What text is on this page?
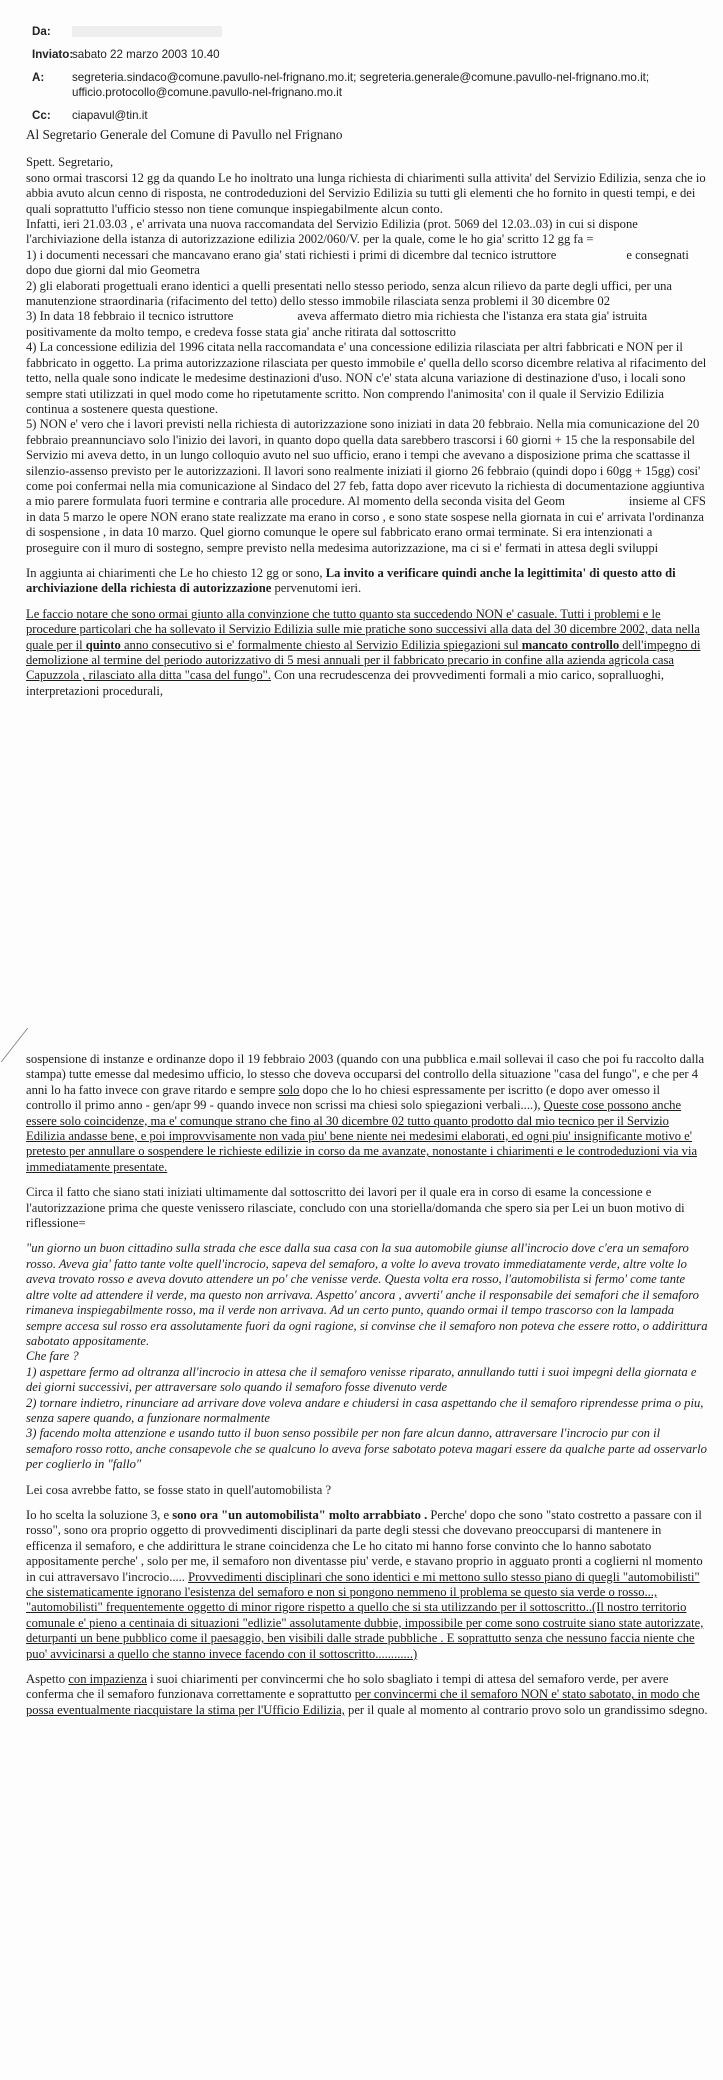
Da:
Inviato:
sabato 22 marzo 2003 10.40
A: segreteria.sindaco@comune.pavullo-nel-frignano.mo.it; segreteria.generale@comune.pavullo-nel-frignano.mo.it; ufficio.protocollo@comune.pavullo-nel-frignano.mo.it
Cc: ciapavul@tin.it

Al Segretario Generale del Comune di Pavullo nel Frignano

Spett. Segretario,

sono ormai trascorsi 12 gg da quando Le ho inoltrato una lunga richiesta di chiarimenti sulla attivita' del Servizio Edilizia, senza che io abbia avuto alcun cenno di risposta, ne controdeduzioni del Servizio Edilizia su tutti gli elementi che ho fornito in questi tempi, e dei quali soprattutto l'ufficio stesso non tiene comunque inspiegabilmente alcun conto.

Infatti, ieri 21.03.03 , e' arrivata una nuova raccomandata del Servizio Edilizia (prot. 5069 del 12.03..03) in cui si dispone l'archiviazione della istanza di autorizzazione edilizia 2002/060/V. per la quale, come le ho gia' scritto 12 gg fa =

1) i documenti necessari che mancavano erano gia' stati richiesti i primi di dicembre dal tecnico istruttore	e consegnati dopo due giorni dal mio Geometra

2) gli elaborati progettuali erano identici a quelli presentati nello stesso periodo, senza alcun rilievo da parte degli uffici, per una manutenzione straordinaria (rifacimento del tetto) dello stesso immobile rilasciata senza problemi il 30 dicembre 02

3) In data 18 febbraio il tecnico istruttore	aveva affermato dietro mia richiesta che l'istanza era stata gia' istruita positivamente da molto tempo, e credeva fosse stata gia' anche ritirata dal sottoscritto

4) La concessione edilizia del 1996 citata nella raccomandata e' una concessione edilizia rilasciata per altri fabbricati e NON per il fabbricato in oggetto. La prima autorizzazione rilasciata per questo immobile e' quella dello scorso dicembre relativa al rifacimento del tetto, nella quale sono indicate le medesime destinazioni d'uso. NON c'e' stata alcuna variazione di destinazione d'uso, i locali sono sempre stati utilizzati in quel modo come ho ripetutamente scritto. Non comprendo l'animosita' con il quale il Servizio Edilizia continua a sostenere questa questione.

5) NON e' vero che i lavori previsti nella richiesta di autorizzazione sono iniziati in data 20 febbraio. Nella mia comunicazione del 20 febbraio preannunciavo solo l'inizio dei lavori, in quanto dopo quella data sarebbero trascorsi i 60 giorni + 15 che la responsabile del Servizio mi aveva detto, in un lungo colloquio avuto nel suo ufficio, erano i tempi che avevano a disposizione prima che scattasse il silenzio-assenso previsto per le autorizzazioni. Il lavori sono realmente iniziati il giorno 26 febbraio (quindi dopo i 60gg + 15gg) cosi' come poi confermai nella mia comunicazione al Sindaco del 27 feb, fatta dopo aver ricevuto la richiesta di documentazione aggiuntiva a mio parere formulata fuori termine e contraria alle procedure. Al momento della seconda visita del Geom	insieme al CFS in data 5 marzo le opere NON erano state realizzate ma erano in corso , e sono state sospese nella giornata in cui e' arrivata l'ordinanza di sospensione , in data 10 marzo. Quel giorno comunque le opere sul fabbricato erano ormai terminate. Si era intenzionati a proseguire con il muro di sostegno, sempre previsto nella medesima autorizzazione, ma ci si e' fermati in attesa degli sviluppi

In aggiunta ai chiarimenti che Le ho chiesto 12 gg or sono, La invito a verificare quindi anche la legittimita' di questo atto di archiviazione della richiesta di autorizzazione pervenutomi ieri.

Le faccio notare che sono ormai giunto alla convinzione che tutto quanto sta succedendo NON e' casuale. Tutti i problemi e le procedure particolari che ha sollevato il Servizio Edilizia sulle mie pratiche sono successivi alla data del 30 dicembre 2002, data nella quale per il quinto anno consecutivo si e' formalmente chiesto al Servizio Edilizia spiegazioni sul mancato controllo dell'impegno di demolizione al termine del periodo autorizzativo di 5 mesi annuali per il fabbricato precario in confine alla azienda agricola casa Capuzzola , rilasciato alla ditta "casa del fungo". Con una recrudescenza dei provvedimenti formali a mio carico, sopralluoghi, interpretazioni procedurali,

sospensione di instanze e ordinanze dopo il 19 febbraio 2003 (quando con una pubblica e.mail sollevai il caso che poi fu raccolto dalla stampa) tutte emesse dal medesimo ufficio, lo stesso che doveva occuparsi del controllo della situazione "casa del fungo", e che per 4 anni lo ha fatto invece con grave ritardo e sempre solo dopo che lo ho chiesi espressamente per iscritto (e dopo aver omesso il controllo il primo anno - gen/apr 99 - quando invece non scrissi ma chiesi solo spiegazioni verbali....), Queste cose possono anche essere solo coincidenze, ma e' comunque strano che fino al 30 dicembre 02 tutto quanto prodotto dal mio tecnico per il Servizio Edilizia andasse bene, e poi improvvisamente non vada piu' bene niente nei medesimi elaborati, ed ogni piu' insignificante motivo e' pretesto per annullare o sospendere le richieste edilizie in corso da me avanzate, nonostante i chiarimenti e le controdeduzioni via via immediatamente presentate.

Circa il fatto che siano stati iniziati ultimamente dal sottoscritto dei lavori per il quale era in corso di esame la concessione e l'autorizzazione prima che queste venissero rilasciate, concludo con una storiella/domanda che spero sia per Lei un buon motivo di riflessione=

"un giorno un buon cittadino sulla strada che esce dalla sua casa con la sua automobile giunse all'incrocio dove c'era un semaforo rosso. Aveva gia' fatto tante volte quell'incrocio, sapeva del semaforo, a volte lo aveva trovato immediatamente verde, altre volte lo aveva trovato rosso e aveva dovuto attendere un po' che venisse verde. Questa volta era rosso, l'automobilista si fermo' come tante altre volte ad attendere il verde, ma questo non arrivava. Aspetto' ancora , avverti' anche il responsabile dei semafori che il semaforo rimaneva inspiegabilmente rosso, ma il verde non arrivava. Ad un certo punto, quando ormai il tempo trascorso con la lampada sempre accesa sul rosso era assolutamente fuori da ogni ragione, si convinse che il semaforo non poteva che essere rotto, o addirittura sabotato appositamente.

Che fare ?

1) aspettare fermo ad oltranza all'incrocio in attesa che il semaforo venisse riparato, annullando tutti i suoi impegni della giornata e dei giorni successivi, per attraversare solo quando il semaforo fosse divenuto verde

2) tornare indietro, rinunciare ad arrivare dove voleva andare e chiudersi in casa aspettando che il semaforo riprendesse prima o piu, senza sapere quando, a funzionare normalmente

3) facendo molta attenzione e usando tutto il buon senso possibile per non fare alcun danno, attraversare l'incrocio pur con il semaforo rosso rotto, anche consapevole che se qualcuno lo aveva forse sabotato poteva magari essere da qualche parte ad osservarlo per coglierlo in "fallo"

Lei cosa avrebbe fatto, se fosse stato in quell'automobilista ?

Io ho scelta la soluzione 3, e sono ora "un automobilista" molto arrabbiato . Perche' dopo che sono "stato costretto a passare con il rosso", sono ora proprio oggetto di provvedimenti disciplinari da parte degli stessi che dovevano preoccuparsi di mantenere in efficenza il semaforo, e che addirittura le strane coincidenza che Le ho citato mi hanno forse convinto che lo hanno sabotato appositamente perche' , solo per me, il semaforo non diventasse piu' verde, e stavano proprio in agguato pronti a coglierni nl momento in cui attraversavo l'incrocio..... Provvedimenti disciplinari che sono identici e mi mettono sullo stesso piano di quegli "automobilisti" che sistematicamente ignorano l'esistenza del semaforo e non si pongono nemmeno il problema se questo sia verde o rosso..., "automobilisti" frequentemente oggetto di minor rigore rispetto a quello che si sta utilizzando per il sottoscritto..(Il nostro territorio comunale e' pieno a centinaia di situazioni "edlizie" assolutamente dubbie, impossibile per come sono costruite siano state autorizzate, deturpanti un bene pubblico come il paesaggio, ben visibili dalle strade pubbliche . E soprattutto senza che nessuno faccia niente che puo' avvicinarsi a quello che stanno invece facendo con il sottoscritto............)

Aspetto con impazienza i suoi chiarimenti per convincermi che ho solo sbagliato i tempi di attesa del semaforo verde, per avere conferma che il semaforo funzionava correttamente e soprattutto per convincermi che il semaforo NON e' stato sabotato, in modo che possa eventualmente riacquistare la stima per l'Ufficio Edilizia, per il quale al momento al contrario provo solo un grandissimo sdegno.
